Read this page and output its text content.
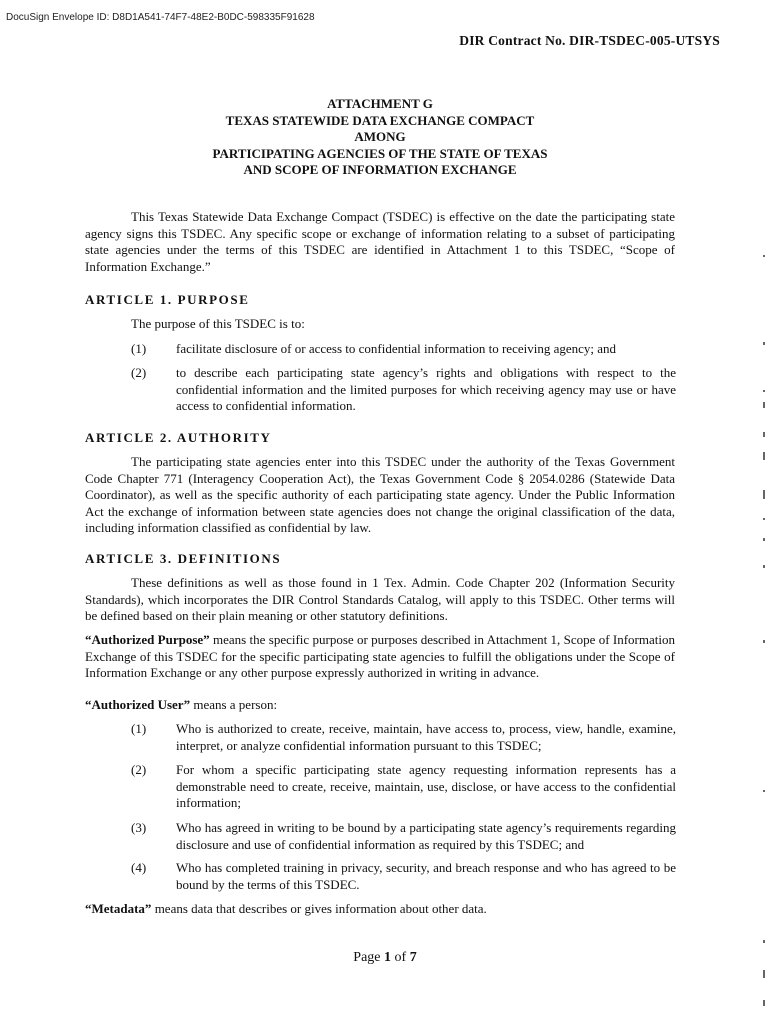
DocuSign Envelope ID: D8D1A541-74F7-48E2-B0DC-598335F91628
DIR Contract No. DIR-TSDEC-005-UTSYS
ATTACHMENT G
TEXAS STATEWIDE DATA EXCHANGE COMPACT
AMONG
PARTICIPATING AGENCIES OF THE STATE OF TEXAS
AND SCOPE OF INFORMATION EXCHANGE

This Texas Statewide Data Exchange Compact (TSDEC) is effective on the date the participating state agency signs this TSDEC. Any specific scope or exchange of information relating to a subset of participating state agencies under the terms of this TSDEC are identified in Attachment 1 to this TSDEC, “Scope of Information Exchange.”

ARTICLE 1. PURPOSE

The purpose of this TSDEC is to:

(1) facilitate disclosure of or access to confidential information to receiving agency; and
(2) to describe each participating state agency’s rights and obligations with respect to the confidential information and the limited purposes for which receiving agency may use or have access to confidential information.
ARTICLE 2. AUTHORITY

The participating state agencies enter into this TSDEC under the authority of the Texas Government Code Chapter 771 (Interagency Cooperation Act), the Texas Government Code § 2054.0286 (Statewide Data Coordinator), as well as the specific authority of each participating state agency. Under the Public Information Act the exchange of information between state agencies does not change the original classification of the data, including information classified as confidential by law.

ARTICLE 3. DEFINITIONS

These definitions as well as those found in 1 Tex. Admin. Code Chapter 202 (Information Security Standards), which incorporates the DIR Control Standards Catalog, will apply to this TSDEC. Other terms will be defined based on their plain meaning or other statutory definitions.

“Authorized Purpose” means the specific purpose or purposes described in Attachment 1, Scope of Information Exchange of this TSDEC for the specific participating state agencies to fulfill the obligations under the Scope of Information Exchange or any other purpose expressly authorized in writing in advance.

“Authorized User” means a person:

(1) Who is authorized to create, receive, maintain, have access to, process, view, handle, examine, interpret, or analyze confidential information pursuant to this TSDEC;
(2) For whom a specific participating state agency requesting information represents has a demonstrable need to create, receive, maintain, use, disclose, or have access to the confidential information;
(3) Who has agreed in writing to be bound by a participating state agency’s requirements regarding disclosure and use of confidential information as required by this TSDEC; and
(4) Who has completed training in privacy, security, and breach response and who has agreed to be bound by the terms of this TSDEC.

“Metadata” means data that describes or gives information about other data.

Page 1 of 7
